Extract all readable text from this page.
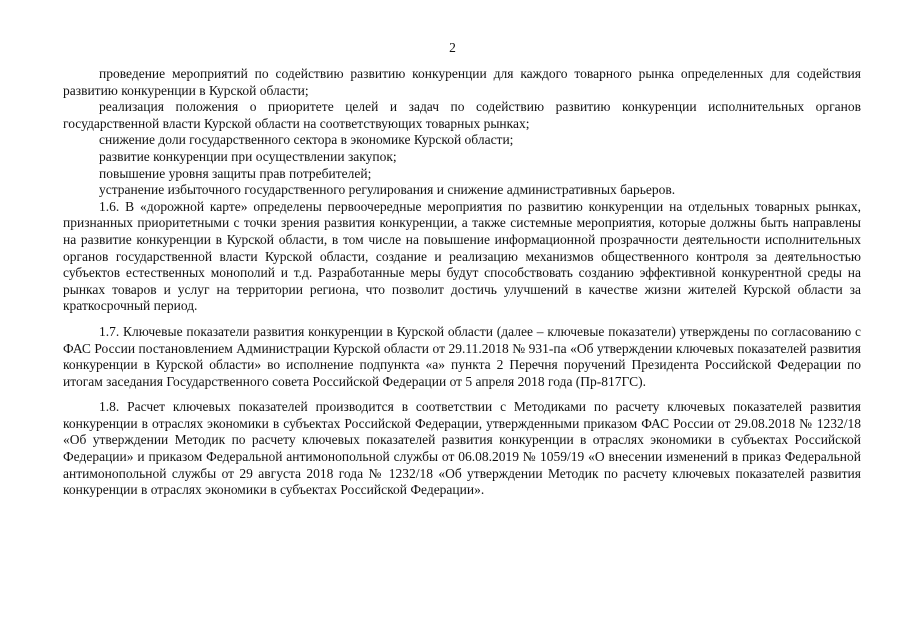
2

проведение мероприятий по содействию развитию конкуренции для каждого товарного рынка определенных для содействия развитию конкуренции в Курской области;

реализация положения о приоритете целей и задач по содействию развитию конкуренции исполнительных органов государственной власти Курской области на соответствующих товарных рынках;

снижение доли государственного сектора в экономике Курской области;

развитие конкуренции при осуществлении закупок;

повышение уровня защиты прав потребителей;

устранение избыточного государственного регулирования и снижение административных барьеров.

1.6. В «дорожной карте» определены первоочередные мероприятия по развитию конкуренции на отдельных товарных рынках, признанных приоритетными с точки зрения развития конкуренции, а также системные мероприятия, которые должны быть направлены на развитие конкуренции в Курской области, в том числе на повышение информационной прозрачности деятельности исполнительных органов государственной власти Курской области, создание и реализацию механизмов общественного контроля за деятельностью субъектов естественных монополий и т.д. Разработанные меры будут способствовать созданию эффективной конкурентной среды на рынках товаров и услуг на территории региона, что позволит достичь улучшений в качестве жизни жителей Курской области за краткосрочный период.

1.7. Ключевые показатели развития конкуренции в Курской области (далее – ключевые показатели) утверждены по согласованию с ФАС России постановлением Администрации Курской области от 29.11.2018 № 931-па «Об утверждении ключевых показателей развития конкуренции в Курской области» во исполнение подпункта «а» пункта 2 Перечня поручений Президента Российской Федерации по итогам заседания Государственного совета Российской Федерации от 5 апреля 2018 года (Пр-817ГС).

1.8. Расчет ключевых показателей производится в соответствии с Методиками по расчету ключевых показателей развития конкуренции в отраслях экономики в субъектах Российской Федерации, утвержденными приказом ФАС России от 29.08.2018 № 1232/18 «Об утверждении Методик по расчету ключевых показателей развития конкуренции в отраслях экономики в субъектах Российской Федерации» и приказом Федеральной антимонопольной службы от 06.08.2019 № 1059/19 «О внесении изменений в приказ Федеральной антимонопольной службы от 29 августа 2018 года № 1232/18 «Об утверждении Методик по расчету ключевых показателей развития конкуренции в отраслях экономики в субъектах Российской Федерации».
